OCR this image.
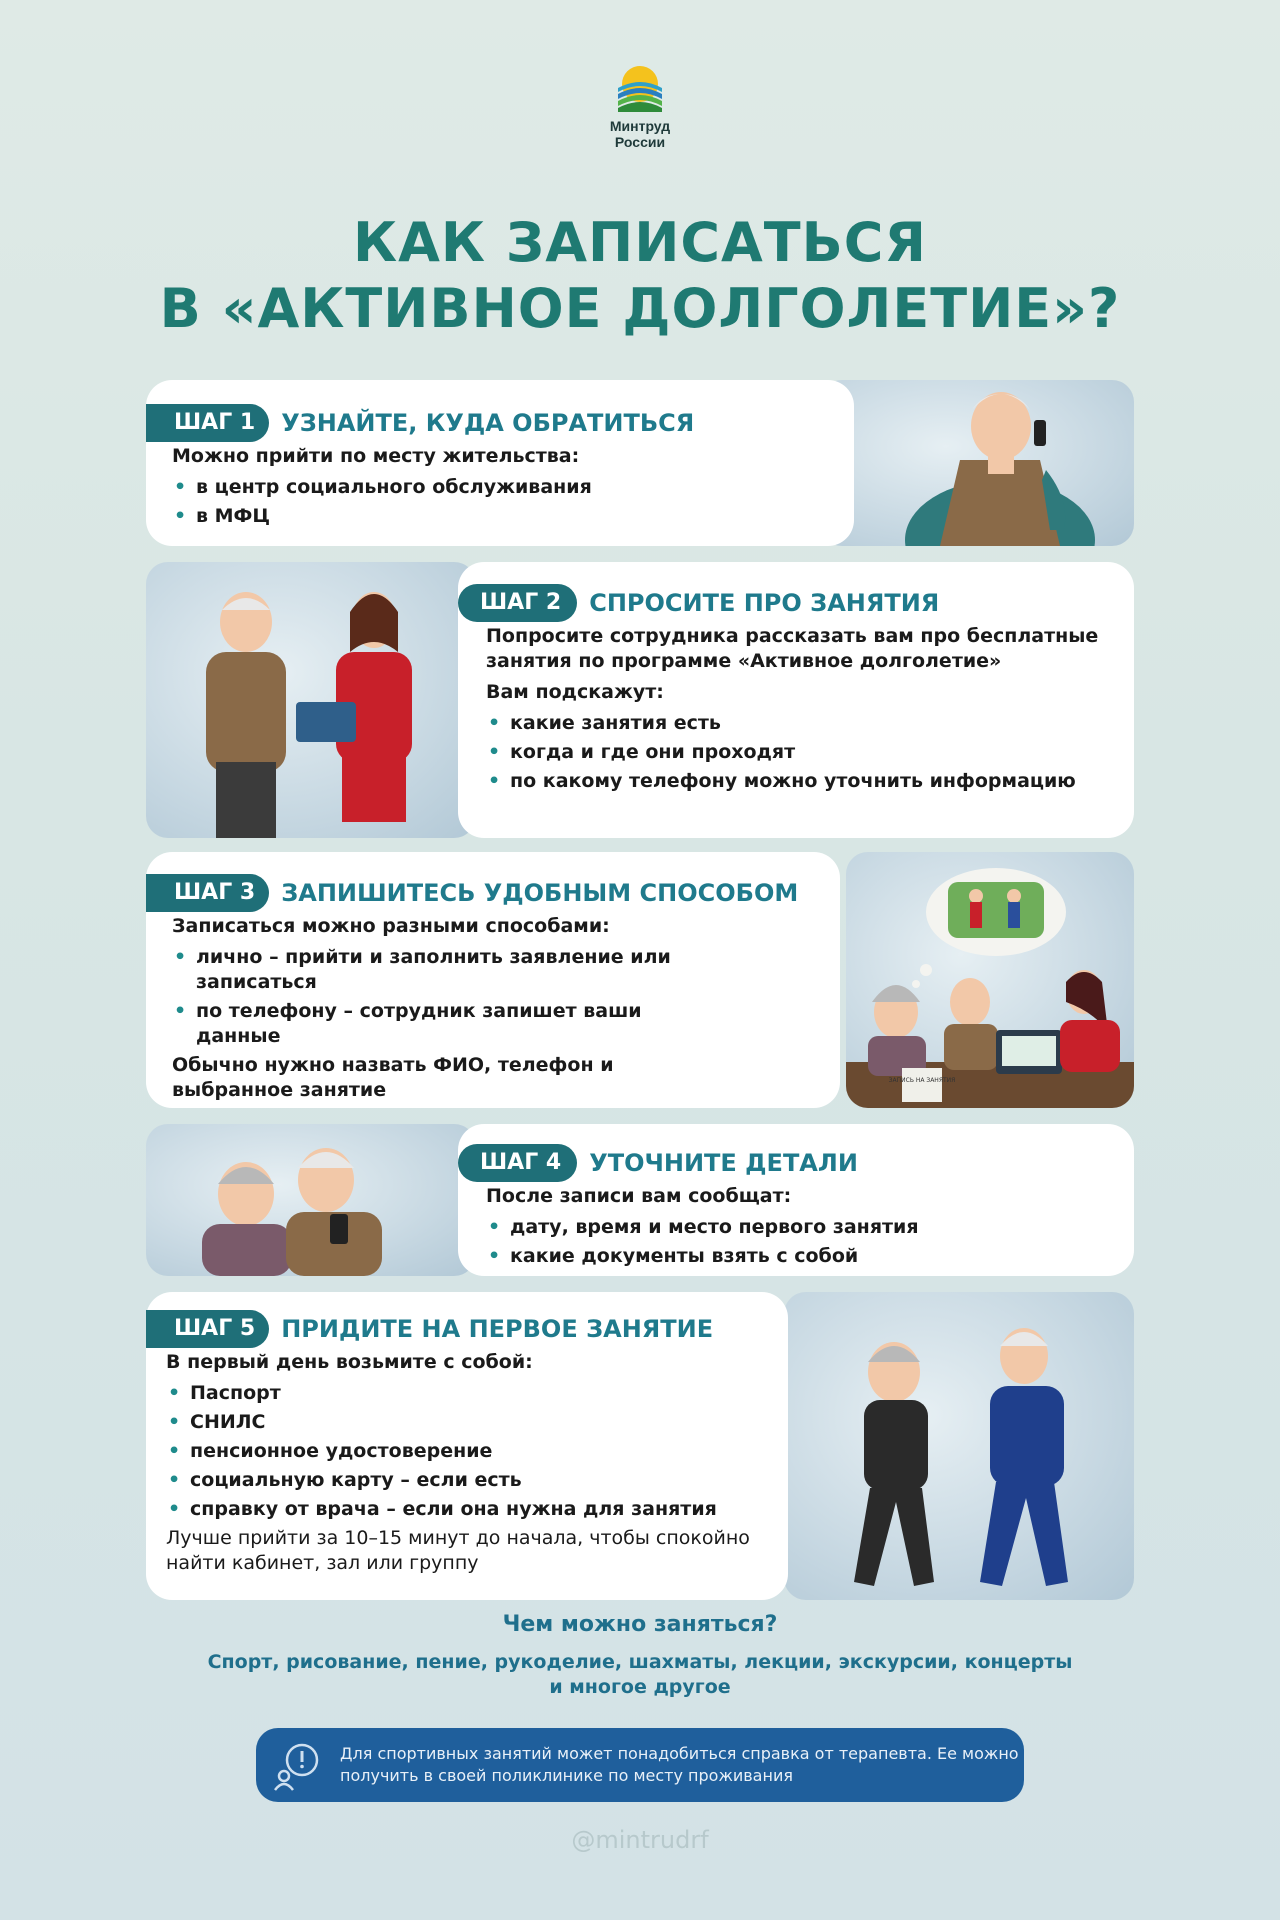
Минтруд
России
КАК ЗАПИСАТЬСЯ
В «АКТИВНОЕ ДОЛГОЛЕТИЕ»?
ШАГ 1	УЗНАЙТЕ, КУДА ОБРАТИТЬСЯ

Можно прийти по месту жительства:

• в центр социального обслуживания
• в МФЦ
ШАГ 2	СПРОСИТЕ ПРО ЗАНЯТИЯ

Попросите сотрудника рассказать вам про бесплатные занятия по программе «Активное долголетие»

Вам подскажут:

• какие занятия есть
• когда и где они проходят
• по какому телефону можно уточнить информацию
ЗАПИСЬ НА ЗАНЯТИЯ
ШАГ 3	ЗАПИШИТЕСЬ УДОБНЫМ СПОСОБОМ

Записаться можно разными способами:

• лично – прийти и заполнить заявление или записаться
• по телефону – сотрудник запишет ваши данные

Обычно нужно назвать ФИО, телефон и выбранное занятие

ШАГ 4	УТОЧНИТЕ ДЕТАЛИ

После записи вам сообщат:

• дату, время и место первого занятия
• какие документы взять с собой
ШАГ 5	ПРИДИТЕ НА ПЕРВОЕ ЗАНЯТИЕ

В первый день возьмите с собой:

• Паспорт
• СНИЛС
• пенсионное удостоверение
• социальную карту – если есть
• справку от врача – если она нужна для занятия

Лучше прийти за 10–15 минут до начала, чтобы спокойно найти кабинет, зал или группу

Чем можно заняться?
Спорт, рисование, пение, рукоделие, шахматы, лекции, экскурсии, концерты и многое другое
Для спортивных занятий может понадобиться справка от терапевта. Ее можно получить в своей поликлинике по месту проживания
@mintrudrf
